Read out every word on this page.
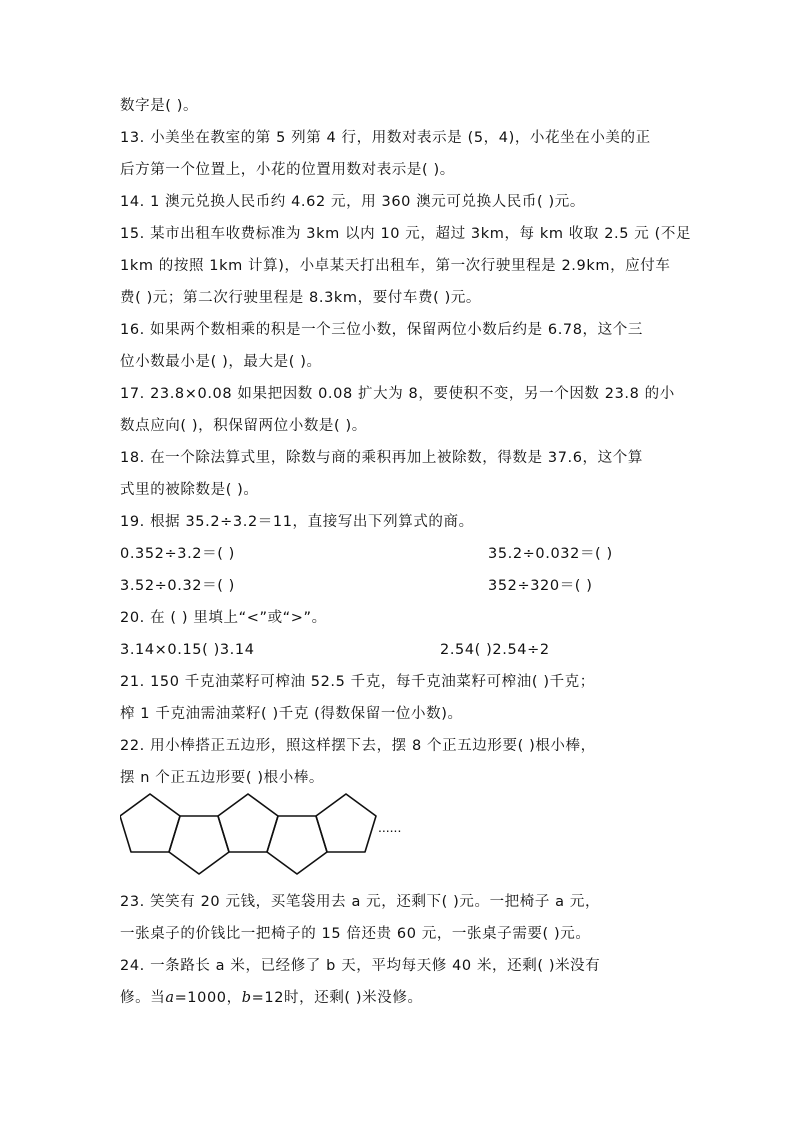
数字是( )。
13. 小美坐在教室的第 5 列第 4 行，用数对表示是 (5，4)，小花坐在小美的正
后方第一个位置上，小花的位置用数对表示是( )。
14. 1 澳元兑换人民币约 4.62 元，用 360 澳元可兑换人民币( )元。
15. 某市出租车收费标准为 3km 以内 10 元，超过 3km，每 km 收取 2.5 元 (不足
1km 的按照 1km 计算)，小卓某天打出租车，第一次行驶里程是 2.9km，应付车
费( )元；第二次行驶里程是 8.3km，要付车费( )元。
16. 如果两个数相乘的积是一个三位小数，保留两位小数后约是 6.78，这个三
位小数最小是( )，最大是( )。
17. 23.8×0.08 如果把因数 0.08 扩大为 8，要使积不变，另一个因数 23.8 的小
数点应向( )，积保留两位小数是( )。
18. 在一个除法算式里，除数与商的乘积再加上被除数，得数是 37.6，这个算
式里的被除数是( )。
19. 根据 35.2÷3.2＝11，直接写出下列算式的商。
0.352÷3.2＝( )	35.2÷0.032＝( )
3.52÷0.32＝( )	352÷320＝( )
20. 在 ( ) 里填上“<”或“>”。
3.14×0.15( )3.14	2.54( )2.54÷2
21. 150 千克油菜籽可榨油 52.5 千克，每千克油菜籽可榨油( )千克；
榨 1 千克油需油菜籽( )千克 (得数保留一位小数)。
22. 用小棒搭正五边形，照这样摆下去，摆 8 个正五边形要( )根小棒，
摆 n 个正五边形要( )根小棒。
......
23. 笑笑有 20 元钱，买笔袋用去 a 元，还剩下( )元。一把椅子 a 元，
一张桌子的价钱比一把椅子的 15 倍还贵 60 元，一张桌子需要( )元。
24. 一条路长 a 米，已经修了 b 天，平均每天修 40 米，还剩( )米没有
修。当a=1000，b=12时，还剩( )米没修。
